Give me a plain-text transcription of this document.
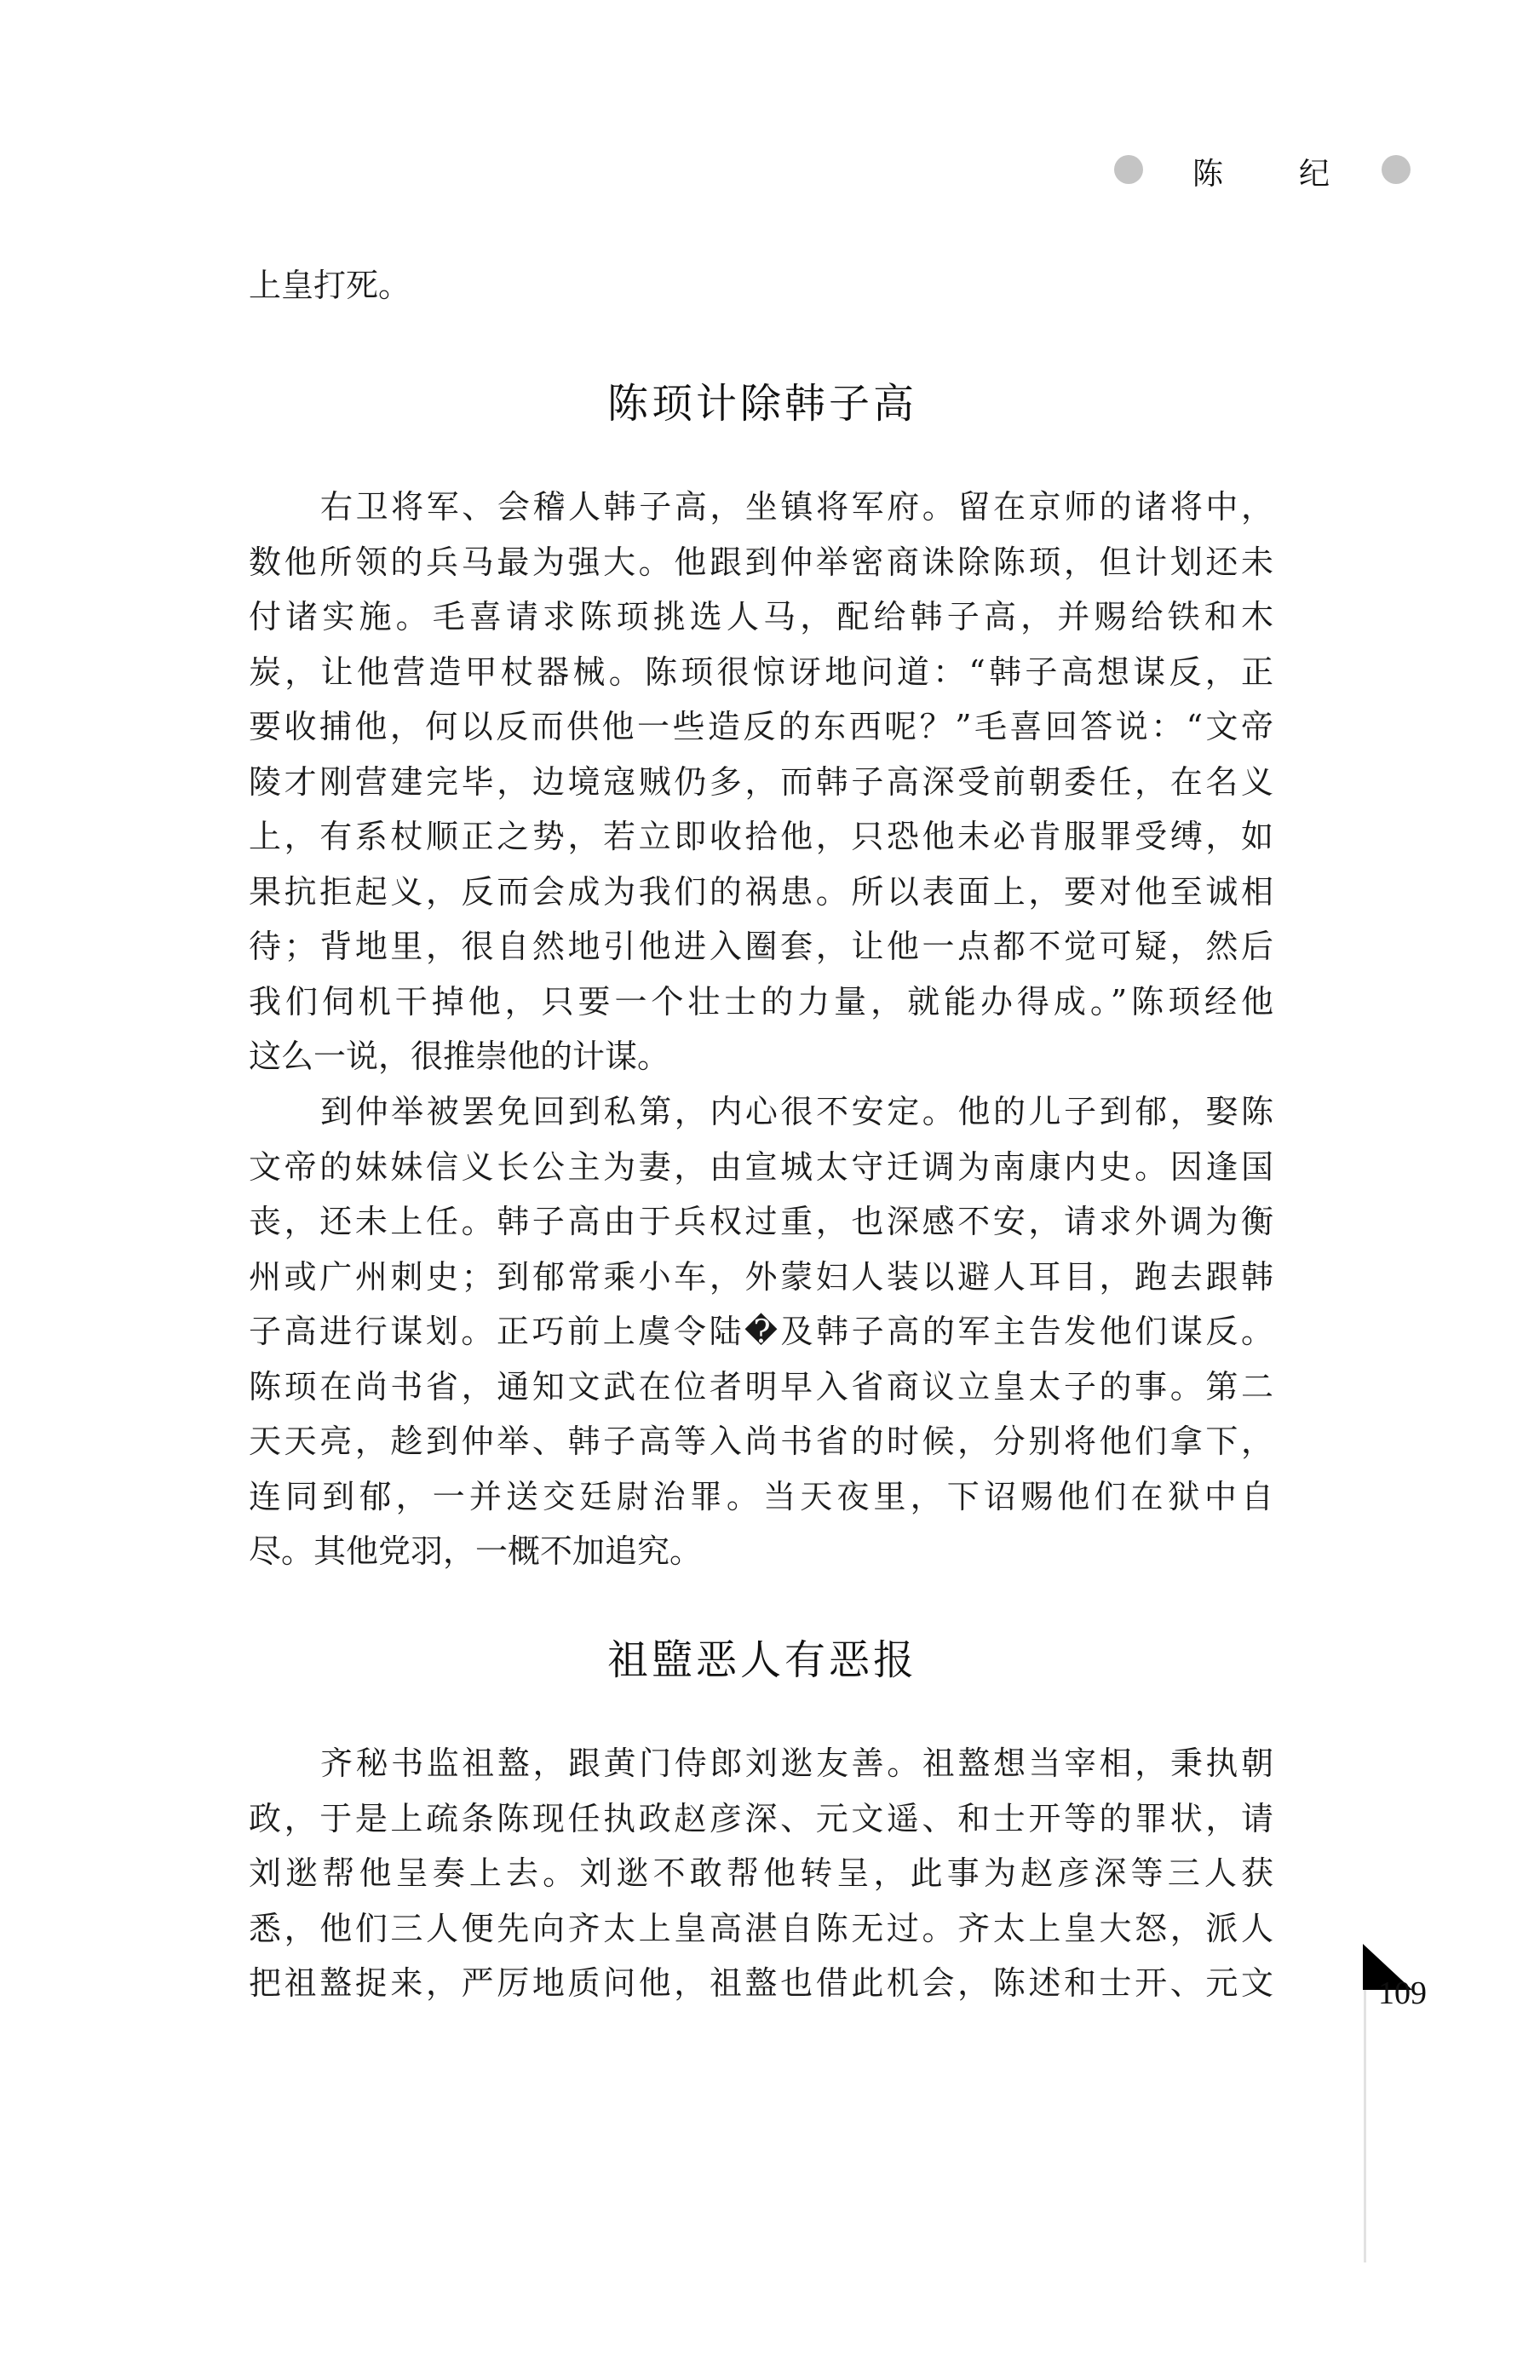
陈 纪
上皇打死。
陈顼计除韩子高
右卫将军、会稽人韩子高，坐镇将军府。留在京师的诸将中，
数他所领的兵马最为强大。他跟到仲举密商诛除陈顼，但计划还未
付诸实施。毛喜请求陈顼挑选人马，配给韩子高，并赐给铁和木
炭，让他营造甲杖器械。陈顼很惊讶地问道：“韩子高想谋反，正
要收捕他，何以反而供他一些造反的东西呢？”毛喜回答说：“文帝
陵才刚营建完毕，边境寇贼仍多，而韩子高深受前朝委任，在名义
上，有系杖顺正之势，若立即收拾他，只恐他未必肯服罪受缚，如
果抗拒起义，反而会成为我们的祸患。所以表面上，要对他至诚相
待；背地里，很自然地引他进入圈套，让他一点都不觉可疑，然后
我们伺机干掉他，只要一个壮士的力量，就能办得成。”陈顼经他
这么一说，很推崇他的计谋。
到仲举被罢免回到私第，内心很不安定。他的儿子到郁，娶陈
文帝的妹妹信义长公主为妻，由宣城太守迁调为南康内史。因逢国
丧，还未上任。韩子高由于兵权过重，也深感不安，请求外调为衡
州或广州刺史；到郁常乘小车，外蒙妇人装以避人耳目，跑去跟韩
子高进行谋划。正巧前上虞令陆�及韩子高的军主告发他们谋反。
陈顼在尚书省，通知文武在位者明早入省商议立皇太子的事。第二
天天亮，趁到仲举、韩子高等入尚书省的时候，分别将他们拿下，
连同到郁，一并送交廷尉治罪。当天夜里，下诏赐他们在狱中自
尽。其他党羽，一概不加追究。
祖盬恶人有恶报
齐秘书监祖盩，跟黄门侍郎刘逖友善。祖盩想当宰相，秉执朝
政，于是上疏条陈现任执政赵彦深、元文遥、和士开等的罪状，请
刘逖帮他呈奏上去。刘逖不敢帮他转呈，此事为赵彦深等三人获
悉，他们三人便先向齐太上皇高湛自陈无过。齐太上皇大怒，派人
把祖盩捉来，严厉地质问他，祖盩也借此机会，陈述和士开、元文	109
